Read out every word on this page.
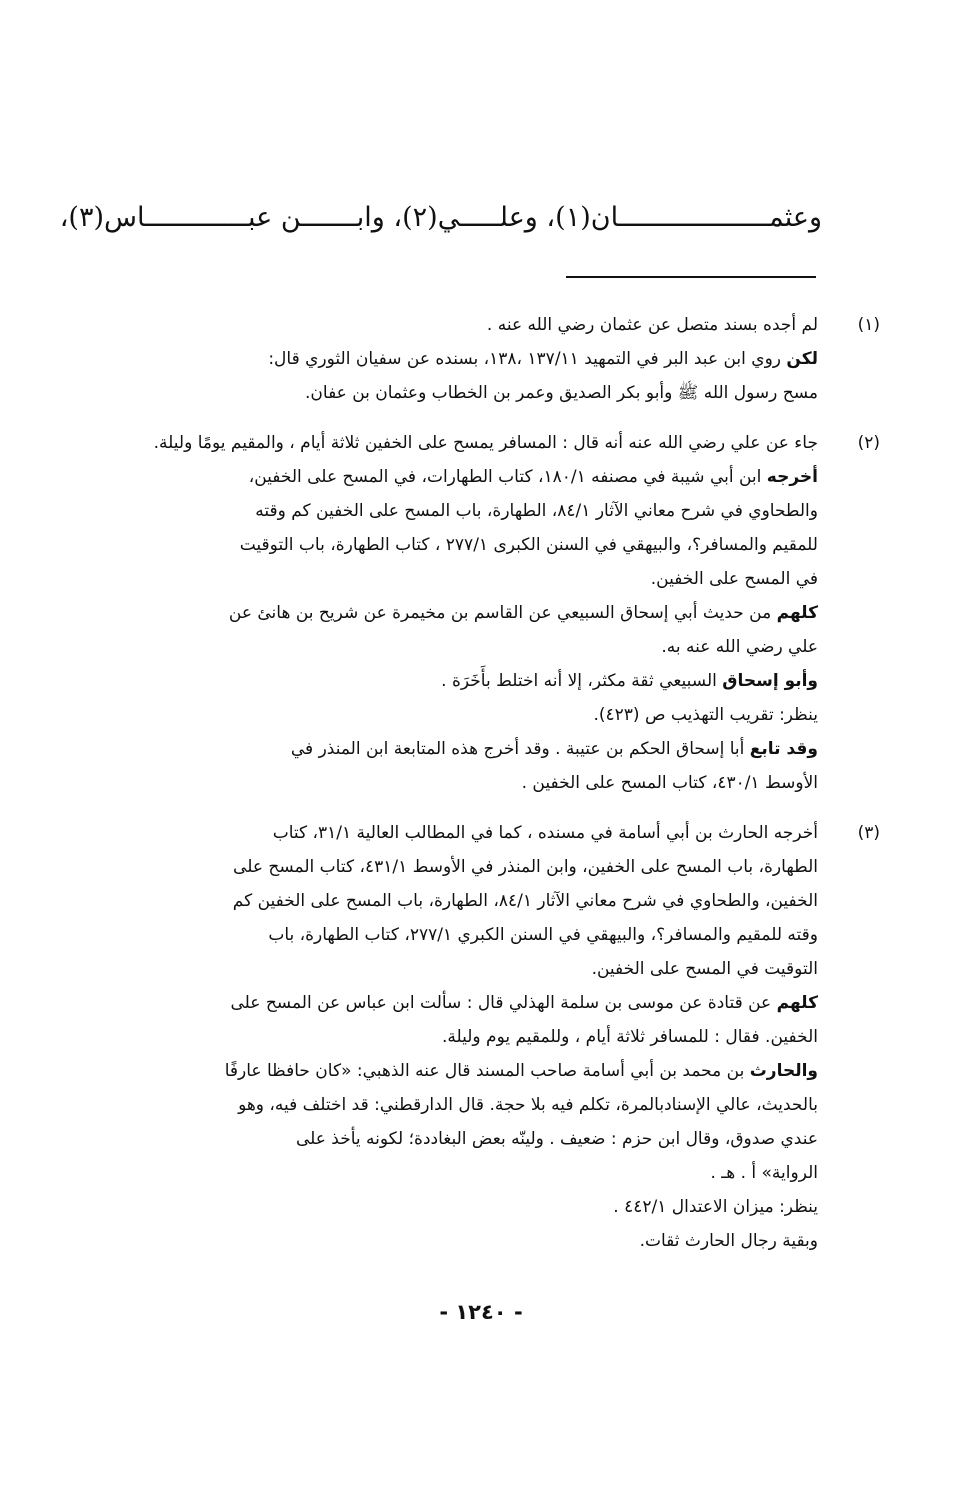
وعثمـــــــــــــــــــان(١)، وعلـــــي(٢)، وابـــــــن عبـــــــــــــاس(٣)،
(١)
لم أجده بسند متصل عن عثمان رضي الله عنه .
لكن روي ابن عبد البر في التمهيد ١٣٧/١١ ،١٣٨، بسنده عن سفيان الثوري قال:
مسح رسول الله ﷺ وأبو بكر الصديق وعمر بن الخطاب وعثمان بن عفان.
(٢)
جاء عن علي رضي الله عنه أنه قال : المسافر يمسح على الخفين ثلاثة أيام ، والمقيم يومًا وليلة.
أخرجه ابن أبي شيبة في مصنفه ١٨٠/١، كتاب الطهارات، في المسح على الخفين،
والطحاوي في شرح معاني الآثار ٨٤/١، الطهارة، باب المسح على الخفين كم وقته
للمقيم والمسافر؟، والبيهقي في السنن الكبرى ٢٧٧/١ ، كتاب الطهارة، باب التوقيت
في المسح على الخفين.
كلهم من حديث أبي إسحاق السبيعي عن القاسم بن مخيمرة عن شريح بن هانئ عن
علي رضي الله عنه به.
وأبو إسحاق السبيعي ثقة مكثر، إلا أنه اختلط بأَخَرَة .
ينظر: تقريب التهذيب ص (٤٢٣).
وقد تابع أبا إسحاق الحكم بن عتيبة . وقد أخرج هذه المتابعة ابن المنذر في
الأوسط ٤٣٠/١، كتاب المسح على الخفين .
(٣)
أخرجه الحارث بن أبي أسامة في مسنده ، كما في المطالب العالية ٣١/١، كتاب
الطهارة، باب المسح على الخفين، وابن المنذر في الأوسط ٤٣١/١، كتاب المسح على
الخفين، والطحاوي في شرح معاني الآثار ٨٤/١، الطهارة، باب المسح على الخفين كم
وقته للمقيم والمسافر؟، والبيهقي في السنن الكبري ٢٧٧/١، كتاب الطهارة، باب
التوقيت في المسح على الخفين.
كلهم عن قتادة عن موسى بن سلمة الهذلي قال : سألت ابن عباس عن المسح على
الخفين. فقال : للمسافر ثلاثة أيام ، وللمقيم يوم وليلة.
والحارث بن محمد بن أبي أسامة صاحب المسند قال عنه الذهبي: «كان حافظا عارفًا
بالحديث، عالي الإسنادبالمرة، تكلم فيه بلا حجة. قال الدارقطني: قد اختلف فيه، وهو
عندي صدوق، وقال ابن حزم : ضعيف . ولينّه بعض البغاددة؛ لكونه يأخذ على
الرواية» أ . هـ .
ينظر: ميزان الاعتدال ٤٤٢/١ .
وبقية رجال الحارث ثقات.
- ١٢٤٠ -
